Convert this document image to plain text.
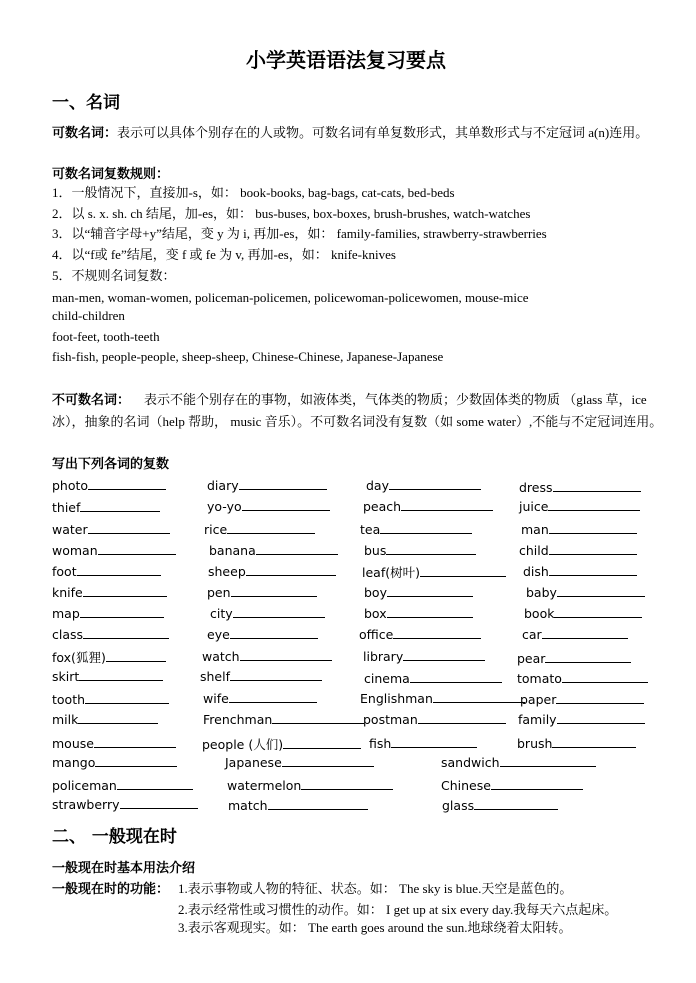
小学英语语法复习要点
一、名词
可数名词：表示可以具体个别存在的人或物。可数名词有单复数形式，其单数形式与不定冠词 a(n)连用。
可数名词复数规则：
1．一般情况下，直接加-s，如： book-books, bag-bags, cat-cats, bed-beds
2．以 s. x. sh. ch 结尾，加-es，如： bus-buses, box-boxes, brush-brushes, watch-watches
3．以“辅音字母+y”结尾，变 y 为 i, 再加-es，如： family-families, strawberry-strawberries
4．以“f或 fe”结尾，变 f 或 fe 为 v, 再加-es，如： knife-knives
5．不规则名词复数：
man-men, woman-women, policeman-policemen, policewoman-policewomen, mouse-mice
child-children
foot-feet, tooth-teeth
fish-fish, people-people, sheep-sheep, Chinese-Chinese, Japanese-Japanese
不可数名词： 表示不能个别存在的事物，如液体类，气体类的物质；少数固体类的物质 （glass 草，ice 冰），抽象的名词（help 帮助， music 音乐）。不可数名词没有复数（如 some water）,不能与不定冠词连用。
写出下列各词的复数
photo	diary	day	dress
thief	yo-yo	peach	juice
water	rice	tea	man
woman	banana	bus	child
foot	sheep	leaf(树叶)	dish
knife	pen	boy	baby
map	city	box	book
class	eye	office	car
fox(狐狸)	watch	library	pear
skirt	shelf	cinema	tomato
tooth	wife	Englishman	paper
milk	Frenchman	postman	family
mouse	people (人们)	fish	brush
mango	Japanese	sandwich
policeman	watermelon	Chinese
strawberry	match	glass
二、 一般现在时
一般现在时基本用法介绍
一般现在时的功能： 1.表示事物或人物的特征、状态。如： The sky is blue.天空是蓝色的。
2.表示经常性或习惯性的动作。如： I get up at six every day.我每天六点起床。
3.表示客观现实。如： The earth goes around the sun.地球绕着太阳转。
